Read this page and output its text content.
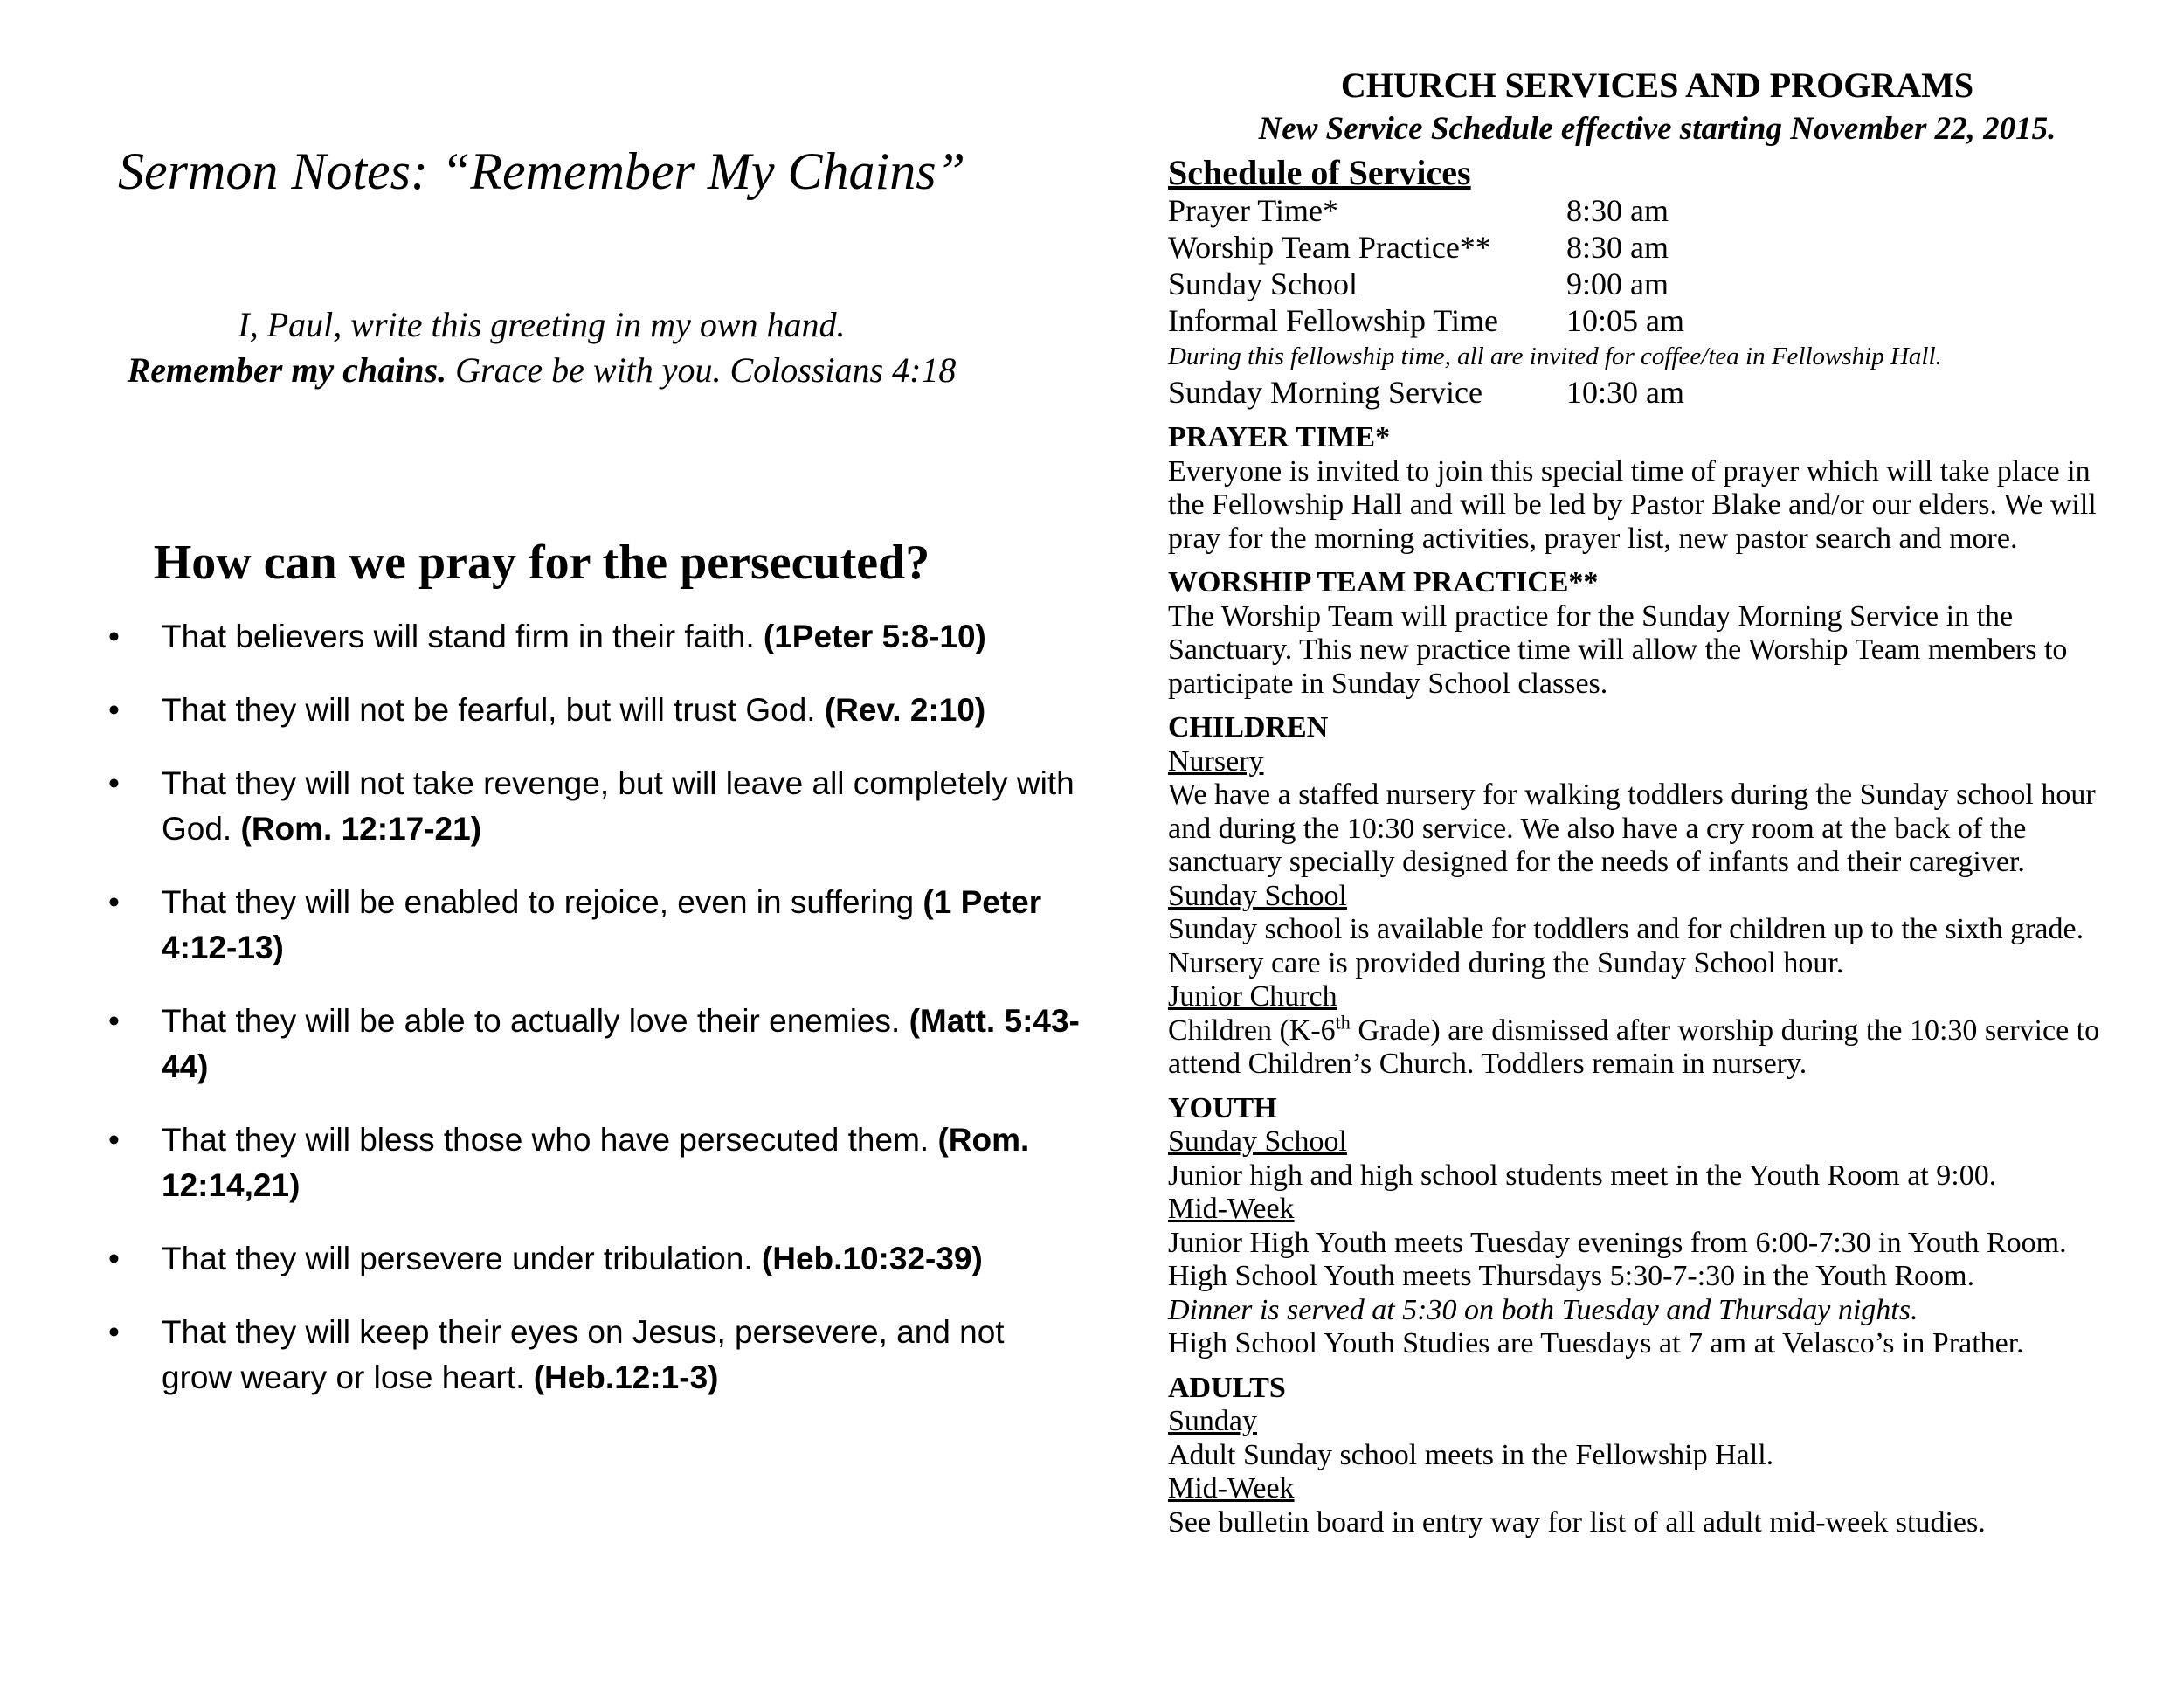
Sermon Notes: “Remember My Chains”
I, Paul, write this greeting in my own hand.
Remember my chains. Grace be with you. Colossians 4:18
How can we pray for the persecuted?
• That believers will stand firm in their faith. (1Peter 5:8-10)
• That they will not be fearful, but will trust God. (Rev. 2:10)
• That they will not take revenge, but will leave all completely with God. (Rom. 12:17-21)
• That they will be enabled to rejoice, even in suffering (1 Peter 4:12-13)
• That they will be able to actually love their enemies. (Matt. 5:43-44)
• That they will bless those who have persecuted them. (Rom. 12:14,21)
• That they will persevere under tribulation. (Heb.10:32-39)
• That they will keep their eyes on Jesus, persevere, and not grow weary or lose heart. (Heb.12:1-3)
CHURCH SERVICES AND PROGRAMS
New Service Schedule effective starting November 22, 2015.
Schedule of Services
Prayer Time*	8:30 am
Worship Team Practice**	8:30 am
Sunday School	9:00 am
Informal Fellowship Time	10:05 am
During this fellowship time, all are invited for coffee/tea in Fellowship Hall.
Sunday Morning Service	10:30 am
PRAYER TIME*
Everyone is invited to join this special time of prayer which will take place in
the Fellowship Hall and will be led by Pastor Blake and/or our elders. We will
pray for the morning activities, prayer list, new pastor search and more.
WORSHIP TEAM PRACTICE**
The Worship Team will practice for the Sunday Morning Service in the
Sanctuary. This new practice time will allow the Worship Team members to
participate in Sunday School classes.
CHILDREN
Nursery
We have a staffed nursery for walking toddlers during the Sunday school hour
and during the 10:30 service. We also have a cry room at the back of the
sanctuary specially designed for the needs of infants and their caregiver.
Sunday School
Sunday school is available for toddlers and for children up to the sixth grade.
Nursery care is provided during the Sunday School hour.
Junior Church
Children (K-6th Grade) are dismissed after worship during the 10:30 service to
attend Children’s Church. Toddlers remain in nursery.
YOUTH
Sunday School
Junior high and high school students meet in the Youth Room at 9:00.
Mid-Week
Junior High Youth meets Tuesday evenings from 6:00-7:30 in Youth Room.
High School Youth meets Thursdays 5:30-7-:30 in the Youth Room.
Dinner is served at 5:30 on both Tuesday and Thursday nights.
High School Youth Studies are Tuesdays at 7 am at Velasco’s in Prather.
ADULTS
Sunday
Adult Sunday school meets in the Fellowship Hall.
Mid-Week
See bulletin board in entry way for list of all adult mid-week studies.
